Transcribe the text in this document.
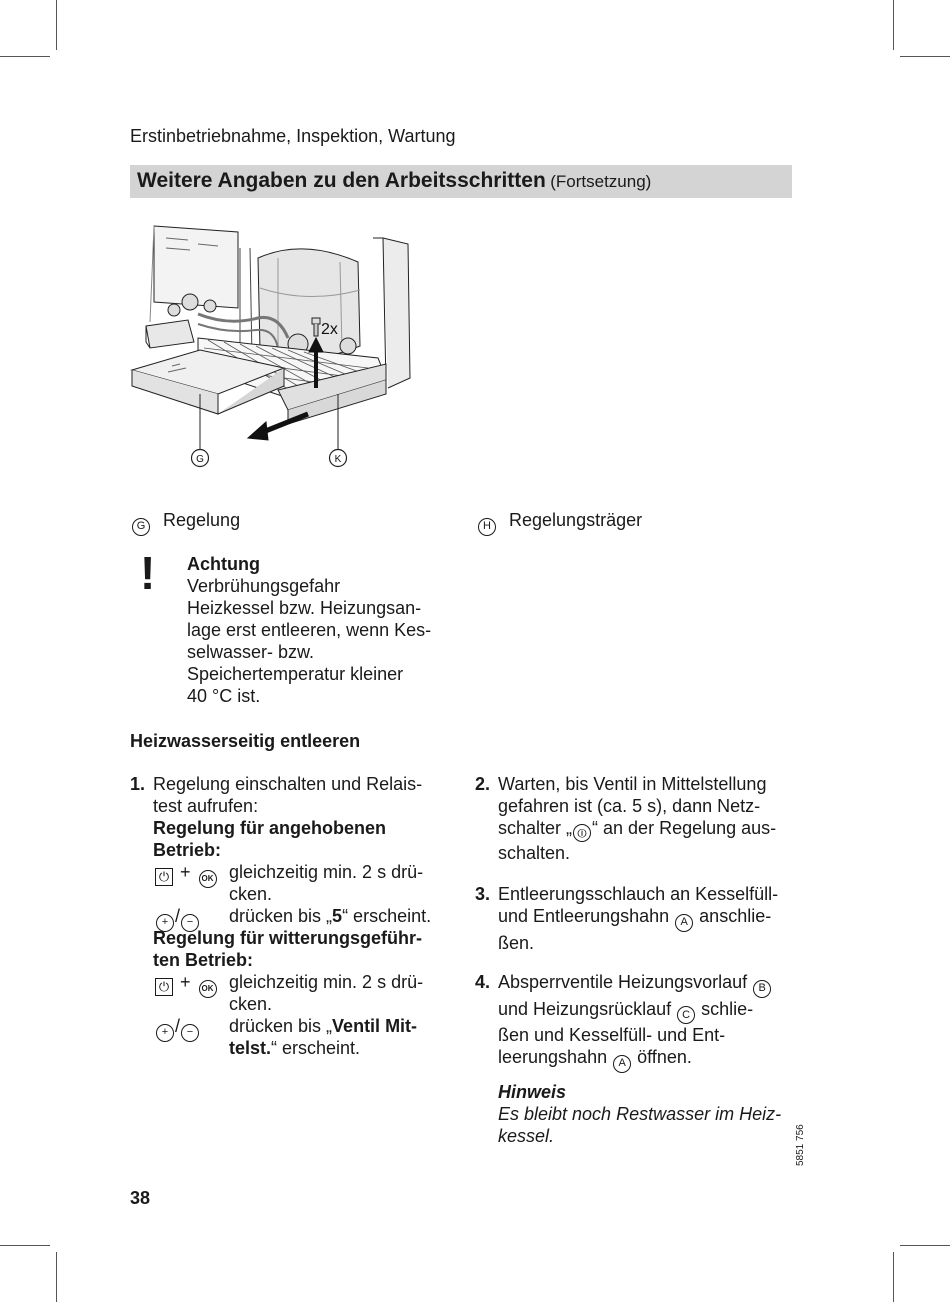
Erstinbetriebnahme, Inspektion, Wartung
Weitere Angaben zu den Arbeitsschritten (Fortsetzung)
2x
G	K
G Regelung	H Regelungsträger
! Achtung
Verbrühungsgefahr
Heizkessel bzw. Heizungsan-
lage erst entleeren, wenn Kes-
selwasser- bzw.
Speichertemperatur kleiner
40 °C ist.
Heizwasserseitig entleeren
1. Regelung einschalten und Relais-
test aufrufen:
Regelung für angehobenen
Betrieb:
⏻ + OK gleichzeitig min. 2 s drü-
cken.
+ / −	drücken bis „5“ erscheint.
Regelung für witterungsgeführ-
ten Betrieb:
⏻ + OK gleichzeitig min. 2 s drü-
cken.
+ / −	drücken bis „Ventil Mit-
telst.“ erscheint.
2. Warten, bis Ventil in Mittelstellung
gefahren ist (ca. 5 s), dann Netz-
schalter „ ⏼ “ an der Regelung aus-
schalten.
3. Entleerungsschlauch an Kesselfüll-
und Entleerungshahn A anschlie-
ßen.
4. Absperrventile Heizungsvorlauf B
und Heizungsrücklauf C schlie-
ßen und Kesselfüll- und Ent-
leerungshahn A öffnen.
Hinweis
Es bleibt noch Restwasser im Heiz-
kessel.	5851 756
38
